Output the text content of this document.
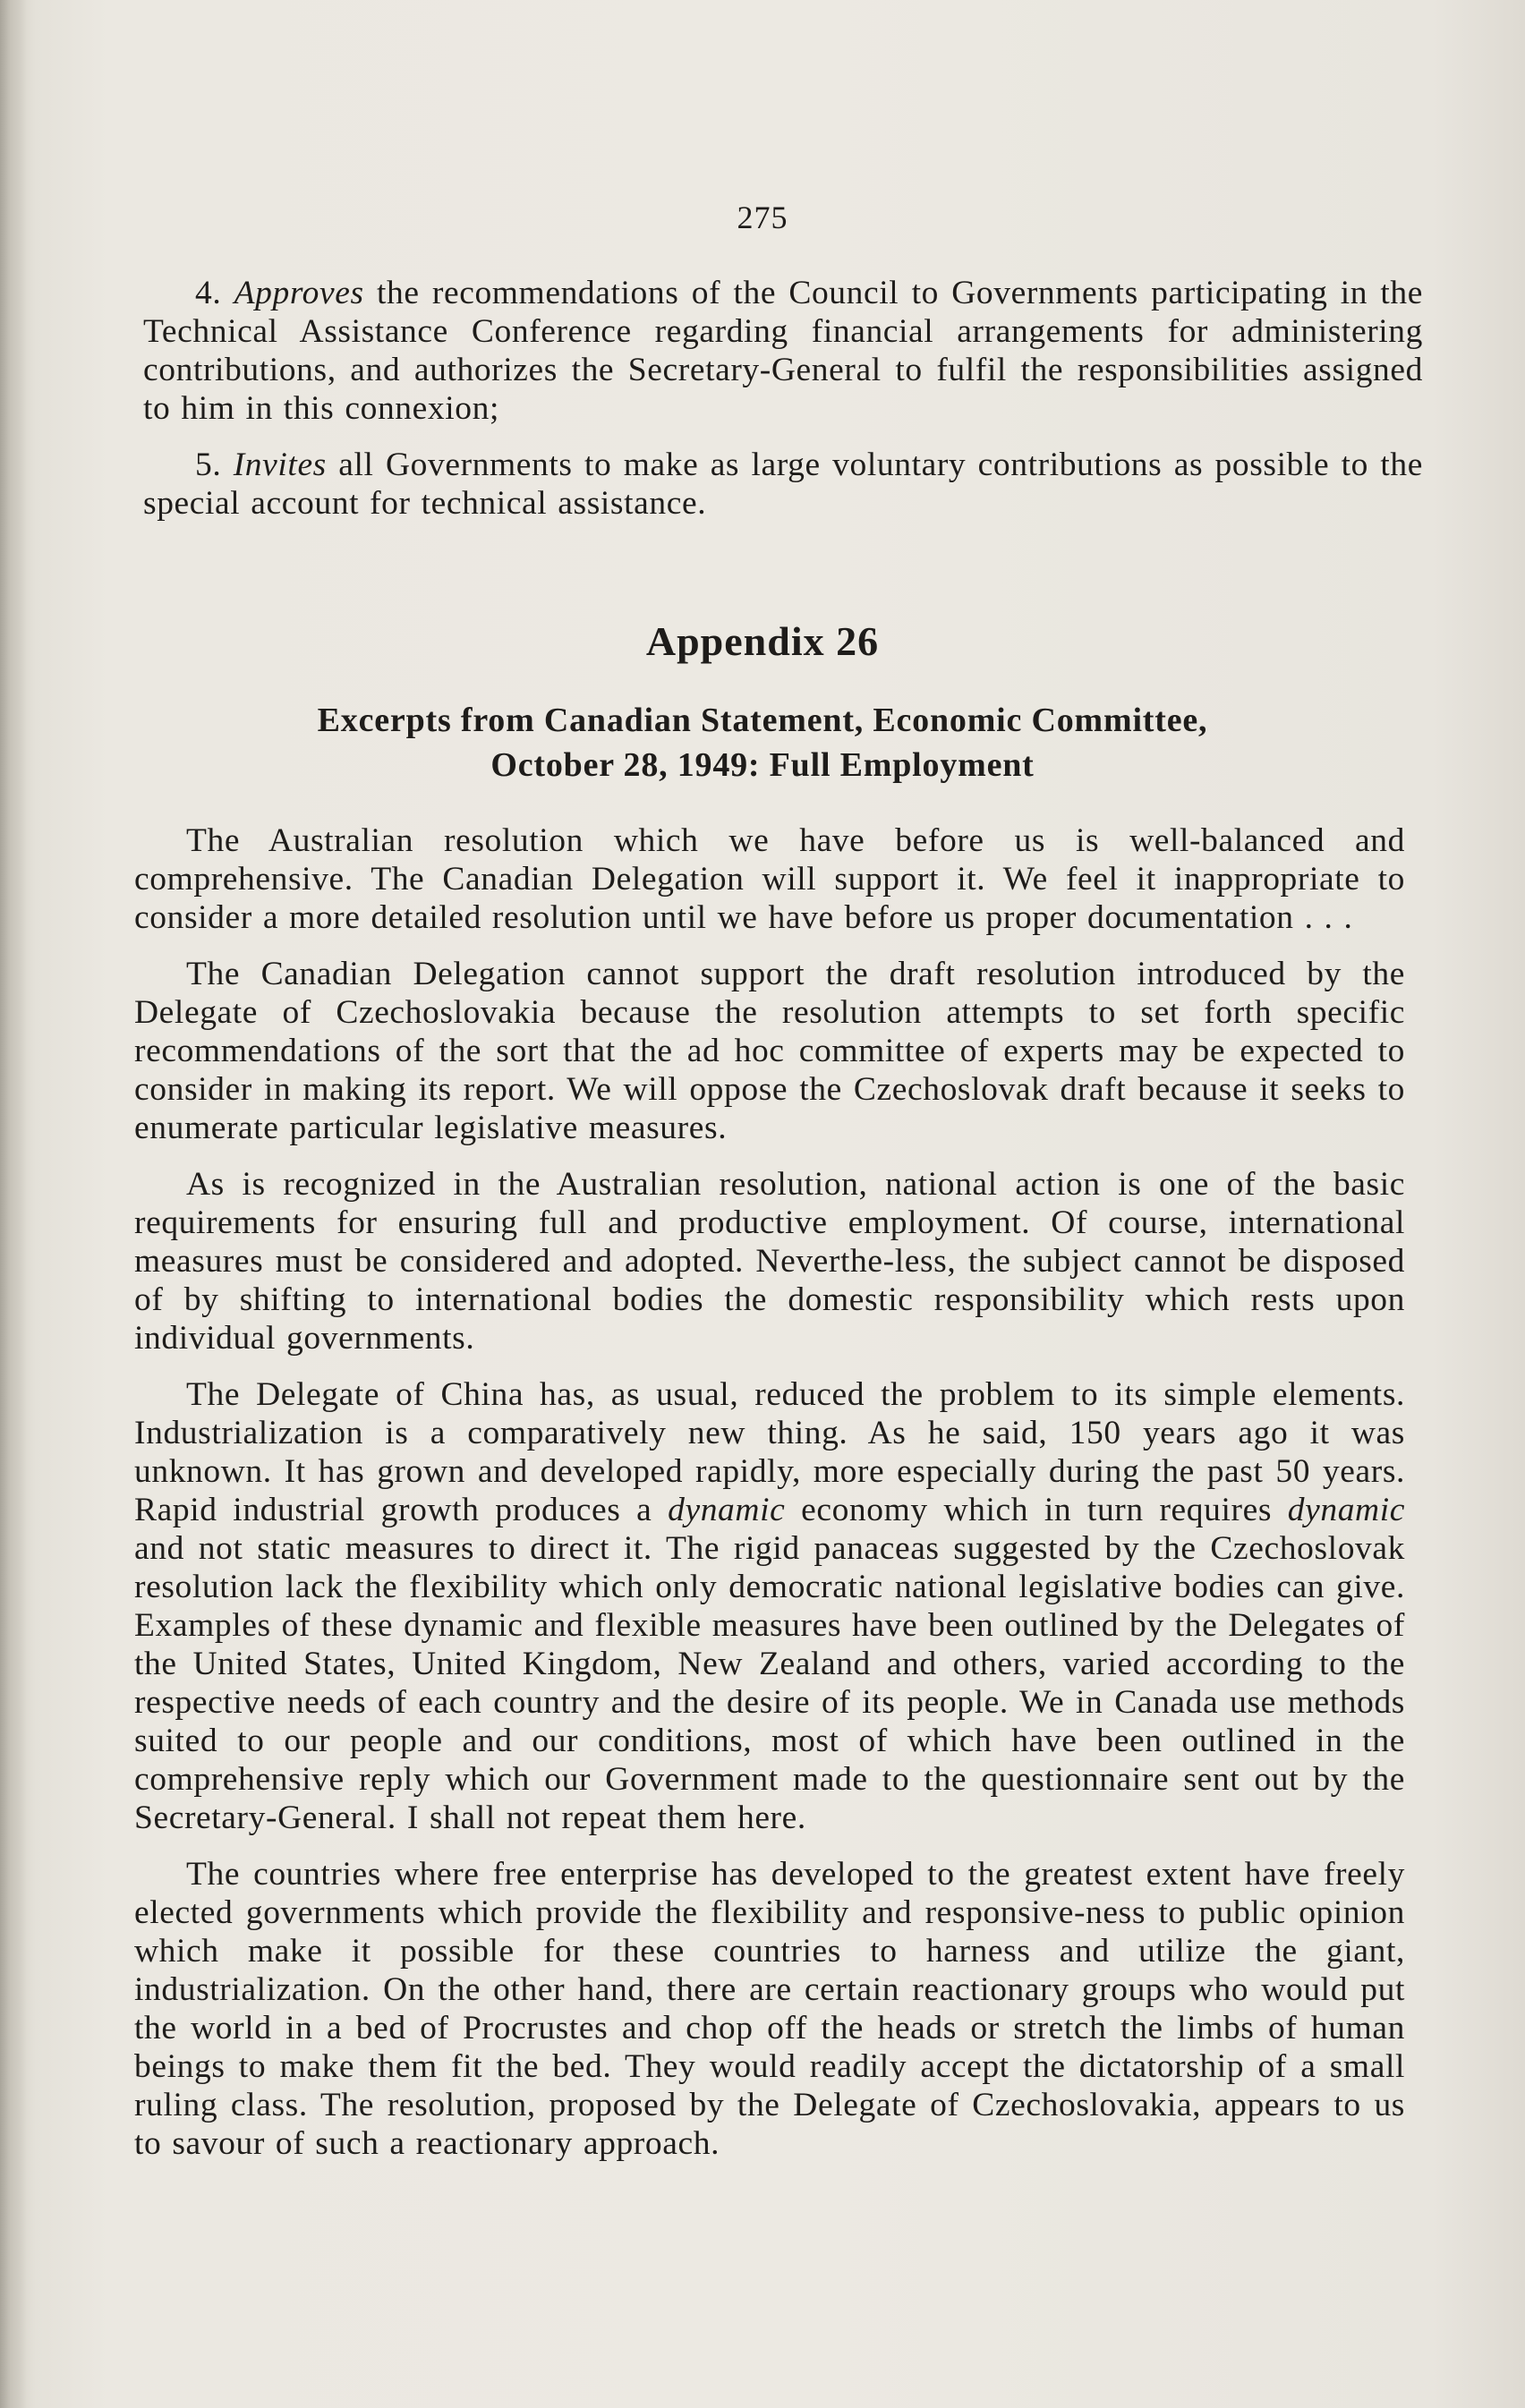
275

4. Approves the recommendations of the Council to Governments participating in the Technical Assistance Conference regarding financial arrangements for administering contributions, and authorizes the Secretary-General to fulfil the responsibilities assigned to him in this connexion;

5. Invites all Governments to make as large voluntary contributions as possible to the special account for technical assistance.

Appendix 26
Excerpts from Canadian Statement, Economic Committee,
October 28, 1949: Full Employment

The Australian resolution which we have before us is well-balanced and comprehensive. The Canadian Delegation will support it. We feel it inappropriate to consider a more detailed resolution until we have before us proper documentation . . .

The Canadian Delegation cannot support the draft resolution introduced by the Delegate of Czechoslovakia because the resolution attempts to set forth specific recommendations of the sort that the ad hoc committee of experts may be expected to consider in making its report. We will oppose the Czechoslovak draft because it seeks to enumerate particular legislative measures.

As is recognized in the Australian resolution, national action is one of the basic requirements for ensuring full and productive employment. Of course, international measures must be considered and adopted. Neverthe-less, the subject cannot be disposed of by shifting to international bodies the domestic responsibility which rests upon individual governments.

The Delegate of China has, as usual, reduced the problem to its simple elements. Industrialization is a comparatively new thing. As he said, 150 years ago it was unknown. It has grown and developed rapidly, more especially during the past 50 years. Rapid industrial growth produces a dynamic economy which in turn requires dynamic and not static measures to direct it. The rigid panaceas suggested by the Czechoslovak resolution lack the flexibility which only democratic national legislative bodies can give. Examples of these dynamic and flexible measures have been outlined by the Delegates of the United States, United Kingdom, New Zealand and others, varied according to the respective needs of each country and the desire of its people. We in Canada use methods suited to our people and our conditions, most of which have been outlined in the comprehensive reply which our Government made to the questionnaire sent out by the Secretary-General. I shall not repeat them here.

The countries where free enterprise has developed to the greatest extent have freely elected governments which provide the flexibility and responsive-ness to public opinion which make it possible for these countries to harness and utilize the giant, industrialization. On the other hand, there are certain reactionary groups who would put the world in a bed of Procrustes and chop off the heads or stretch the limbs of human beings to make them fit the bed. They would readily accept the dictatorship of a small ruling class. The resolution, proposed by the Delegate of Czechoslovakia, appears to us to savour of such a reactionary approach.
